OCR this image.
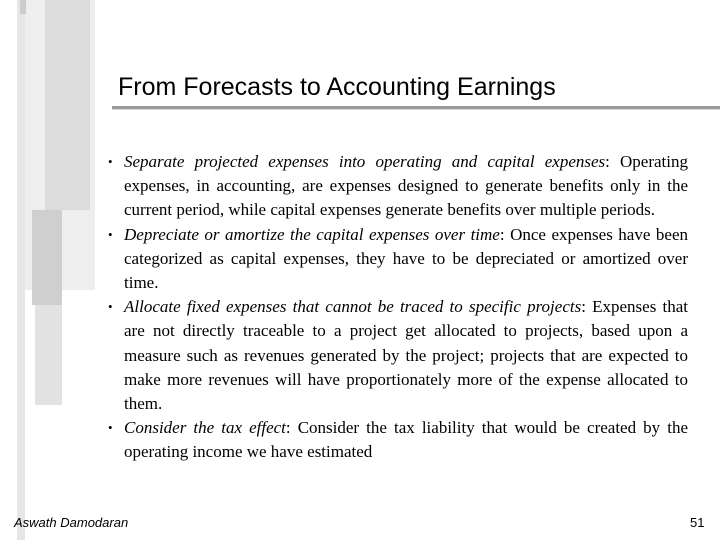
From Forecasts to Accounting Earnings
• Separate projected expenses into operating and capital expenses: Operating expenses, in accounting, are expenses designed to generate benefits only in the current period, while capital expenses generate benefits over multiple periods.
• Depreciate or amortize the capital expenses over time: Once expenses have been categorized as capital expenses, they have to be depreciated or amortized over time.
• Allocate fixed expenses that cannot be traced to specific projects: Expenses that are not directly traceable to a project get allocated to projects, based upon a measure such as revenues generated by the project; projects that are expected to make more revenues will have proportionately more of the expense allocated to them.
• Consider the tax effect: Consider the tax liability that would be created by the operating income we have estimated
Aswath Damodaran	51
